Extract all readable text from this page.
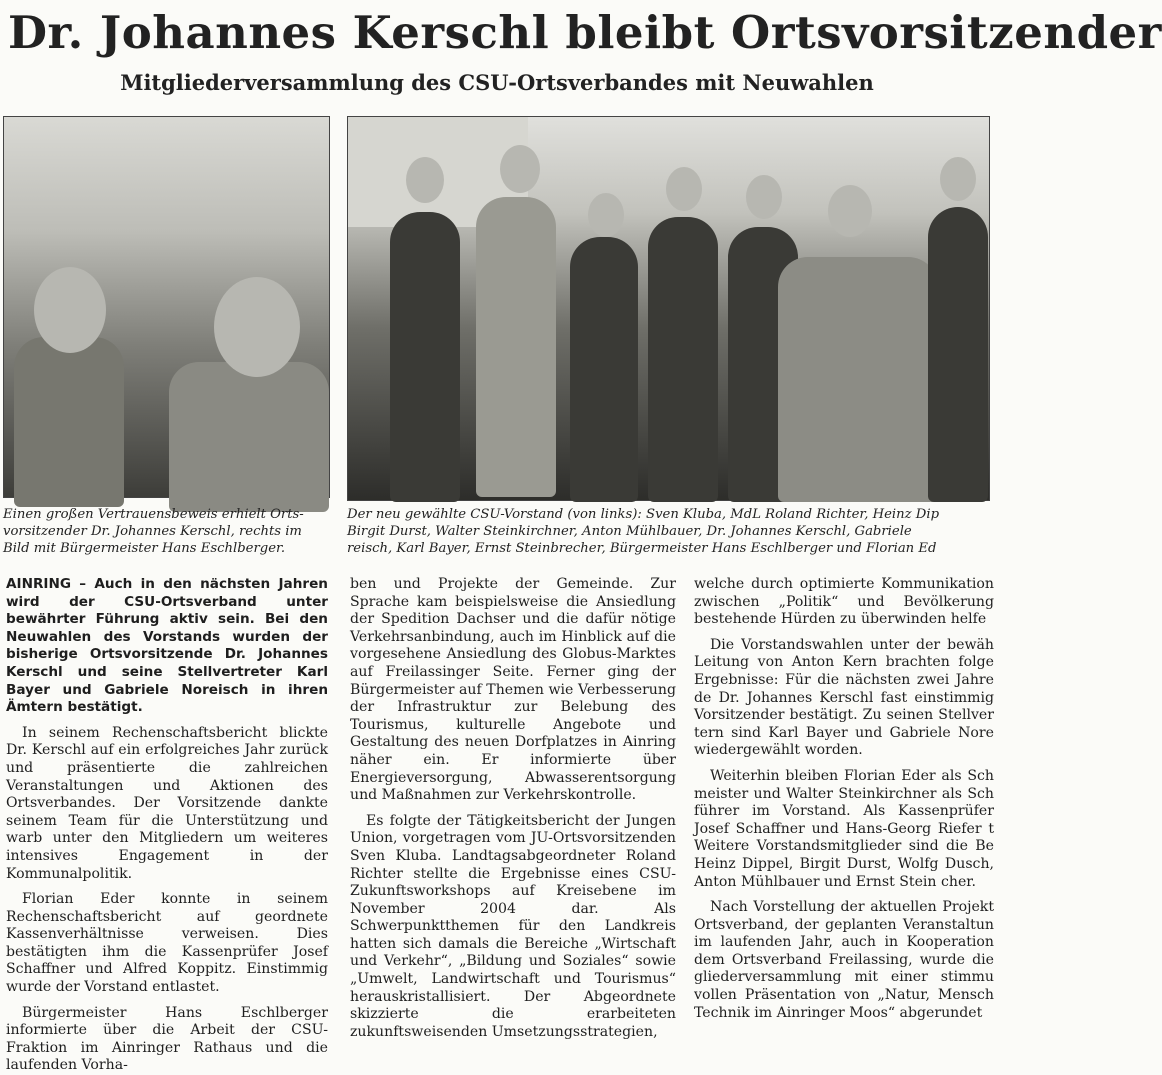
Dr. Johannes Kerschl bleibt Ortsvorsitzender
Mitgliederversammlung des CSU-Ortsverbandes mit Neuwahlen
Einen großen Vertrauensbeweis erhielt Orts-
vorsitzender Dr. Johannes Kerschl, rechts im
Bild mit Bürgermeister Hans Eschlberger.
Der neu gewählte CSU-Vorstand (von links): Sven Kluba, MdL Roland Richter, Heinz Dip
Birgit Durst, Walter Steinkirchner, Anton Mühlbauer, Dr. Johannes Kerschl, Gabriele
reisch, Karl Bayer, Ernst Steinbrecher, Bürgermeister Hans Eschlberger und Florian Ed

AINRING – Auch in den nächsten Jahren wird der CSU-Ortsverband unter bewährter Führung aktiv sein. Bei den Neuwahlen des Vorstands wurden der bisherige Ortsvorsitzende Dr. Johannes Kerschl und seine Stellvertreter Karl Bayer und Gabriele Noreisch in ihren Ämtern bestätigt.

In seinem Rechenschaftsbericht blickte Dr. Kerschl auf ein erfolgreiches Jahr zurück und präsentierte die zahlreichen Veranstaltungen und Aktionen des Ortsverbandes. Der Vorsitzende dankte seinem Team für die Unterstützung und warb unter den Mitgliedern um weiteres intensives Engagement in der Kommunalpolitik.

Florian Eder konnte in seinem Rechenschaftsbericht auf geordnete Kassenverhältnisse verweisen. Dies bestätigten ihm die Kassenprüfer Josef Schaffner und Alfred Koppitz. Einstimmig wurde der Vorstand entlastet.

Bürgermeister Hans Eschlberger informierte über die Arbeit der CSU-Fraktion im Ainringer Rathaus und die laufenden Vorha-

ben und Projekte der Gemeinde. Zur Sprache kam beispielsweise die Ansiedlung der Spedition Dachser und die dafür nötige Verkehrsanbindung, auch im Hinblick auf die vorgesehene Ansiedlung des Globus-Marktes auf Freilassinger Seite. Ferner ging der Bürgermeister auf Themen wie Verbesserung der Infrastruktur zur Belebung des Tourismus, kulturelle Angebote und Gestaltung des neuen Dorfplatzes in Ainring näher ein. Er informierte über Energieversorgung, Abwasserentsorgung und Maßnahmen zur Verkehrskontrolle.

Es folgte der Tätigkeitsbericht der Jungen Union, vorgetragen vom JU-Ortsvorsitzenden Sven Kluba. Landtagsabgeordneter Roland Richter stellte die Ergebnisse eines CSU-Zukunftsworkshops auf Kreisebene im November 2004 dar. Als Schwerpunktthemen für den Landkreis hatten sich damals die Bereiche „Wirtschaft und Verkehr“, „Bildung und Soziales“ sowie „Umwelt, Landwirtschaft und Tourismus“ herauskristallisiert. Der Abgeordnete skizzierte die erarbeiteten zukunftsweisenden Umsetzungsstrategien,

welche durch optimierte Kommunikation zwischen „Politik“ und Bevölkerung bestehende Hürden zu überwinden helfe

Die Vorstandswahlen unter der bewäh Leitung von Anton Kern brachten folge Ergebnisse: Für die nächsten zwei Jahre de Dr. Johannes Kerschl fast einstimmig Vorsitzender bestätigt. Zu seinen Stellver tern sind Karl Bayer und Gabriele Nore wiedergewählt worden.

Weiterhin bleiben Florian Eder als Sch meister und Walter Steinkirchner als Sch führer im Vorstand. Als Kassenprüfer Josef Schaffner und Hans-Georg Riefer t Weitere Vorstandsmitglieder sind die Be Heinz Dippel, Birgit Durst, Wolfg Dusch, Anton Mühlbauer und Ernst Stein cher.

Nach Vorstellung der aktuellen Projekt Ortsverband, der geplanten Veranstaltun im laufenden Jahr, auch in Kooperation dem Ortsverband Freilassing, wurde die gliederversammlung mit einer stimmu vollen Präsentation von „Natur, Mensch Technik im Ainringer Moos“ abgerundet
